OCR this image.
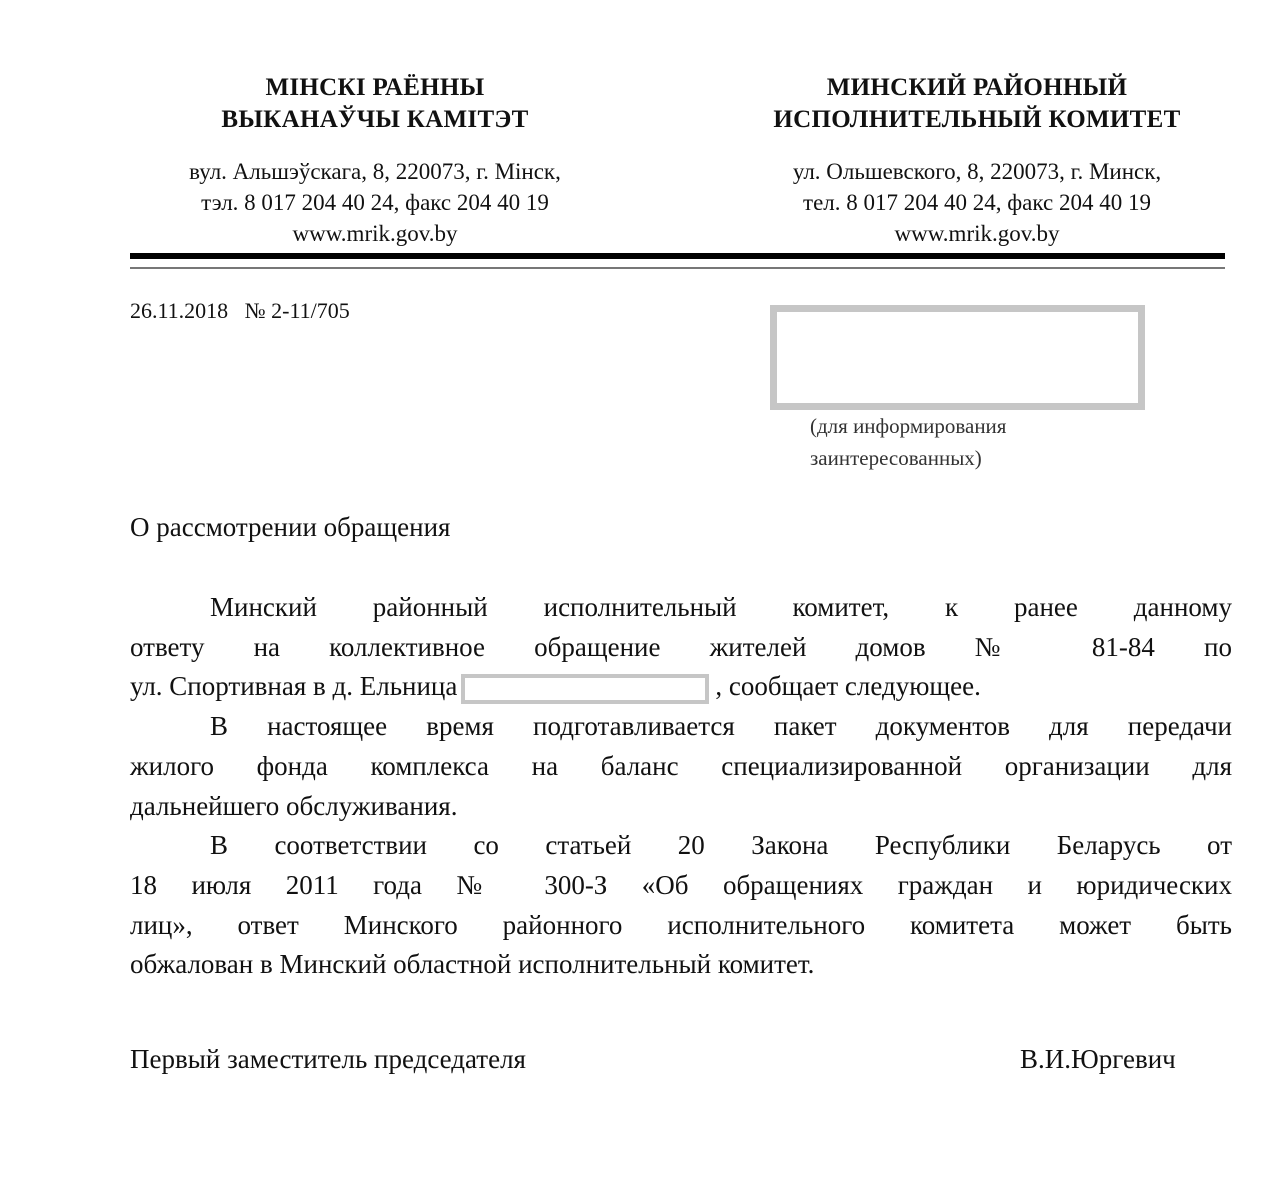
МІНСКІ РАЁННЫ
ВЫКАНАЎЧЫ КАМІТЭТ
вул. Альшэўскага, 8, 220073, г. Мінск,
тэл. 8 017 204 40 24, факс 204 40 19
www.mrik.gov.by
МИНСКИЙ РАЙОННЫЙ
ИСПОЛНИТЕЛЬНЫЙ КОМИТЕТ
ул. Ольшевского, 8, 220073, г. Минск,
тел. 8 017 204 40 24, факс 204 40 19
www.mrik.gov.by
26.11.2018   № 2-11/705
(для информирования
заинтересованных)
О рассмотрении обращения
Минский районный исполнительный комитет, к ранее данному
ответу на коллективное обращение жителей домов № 81-84 по
ул. Спортивная в д. Ельница	, сообщает следующее.
В настоящее время подготавливается пакет документов для передачи
жилого фонда комплекса на баланс специализированной организации для
дальнейшего обслуживания.
В соответствии со статьей 20 Закона Республики Беларусь от
18 июля 2011 года № 300-З «Об обращениях граждан и юридических
лиц», ответ Минского районного исполнительного комитета может быть
обжалован в Минский областной исполнительный комитет.
Первый заместитель председателя	В.И.Юргевич
